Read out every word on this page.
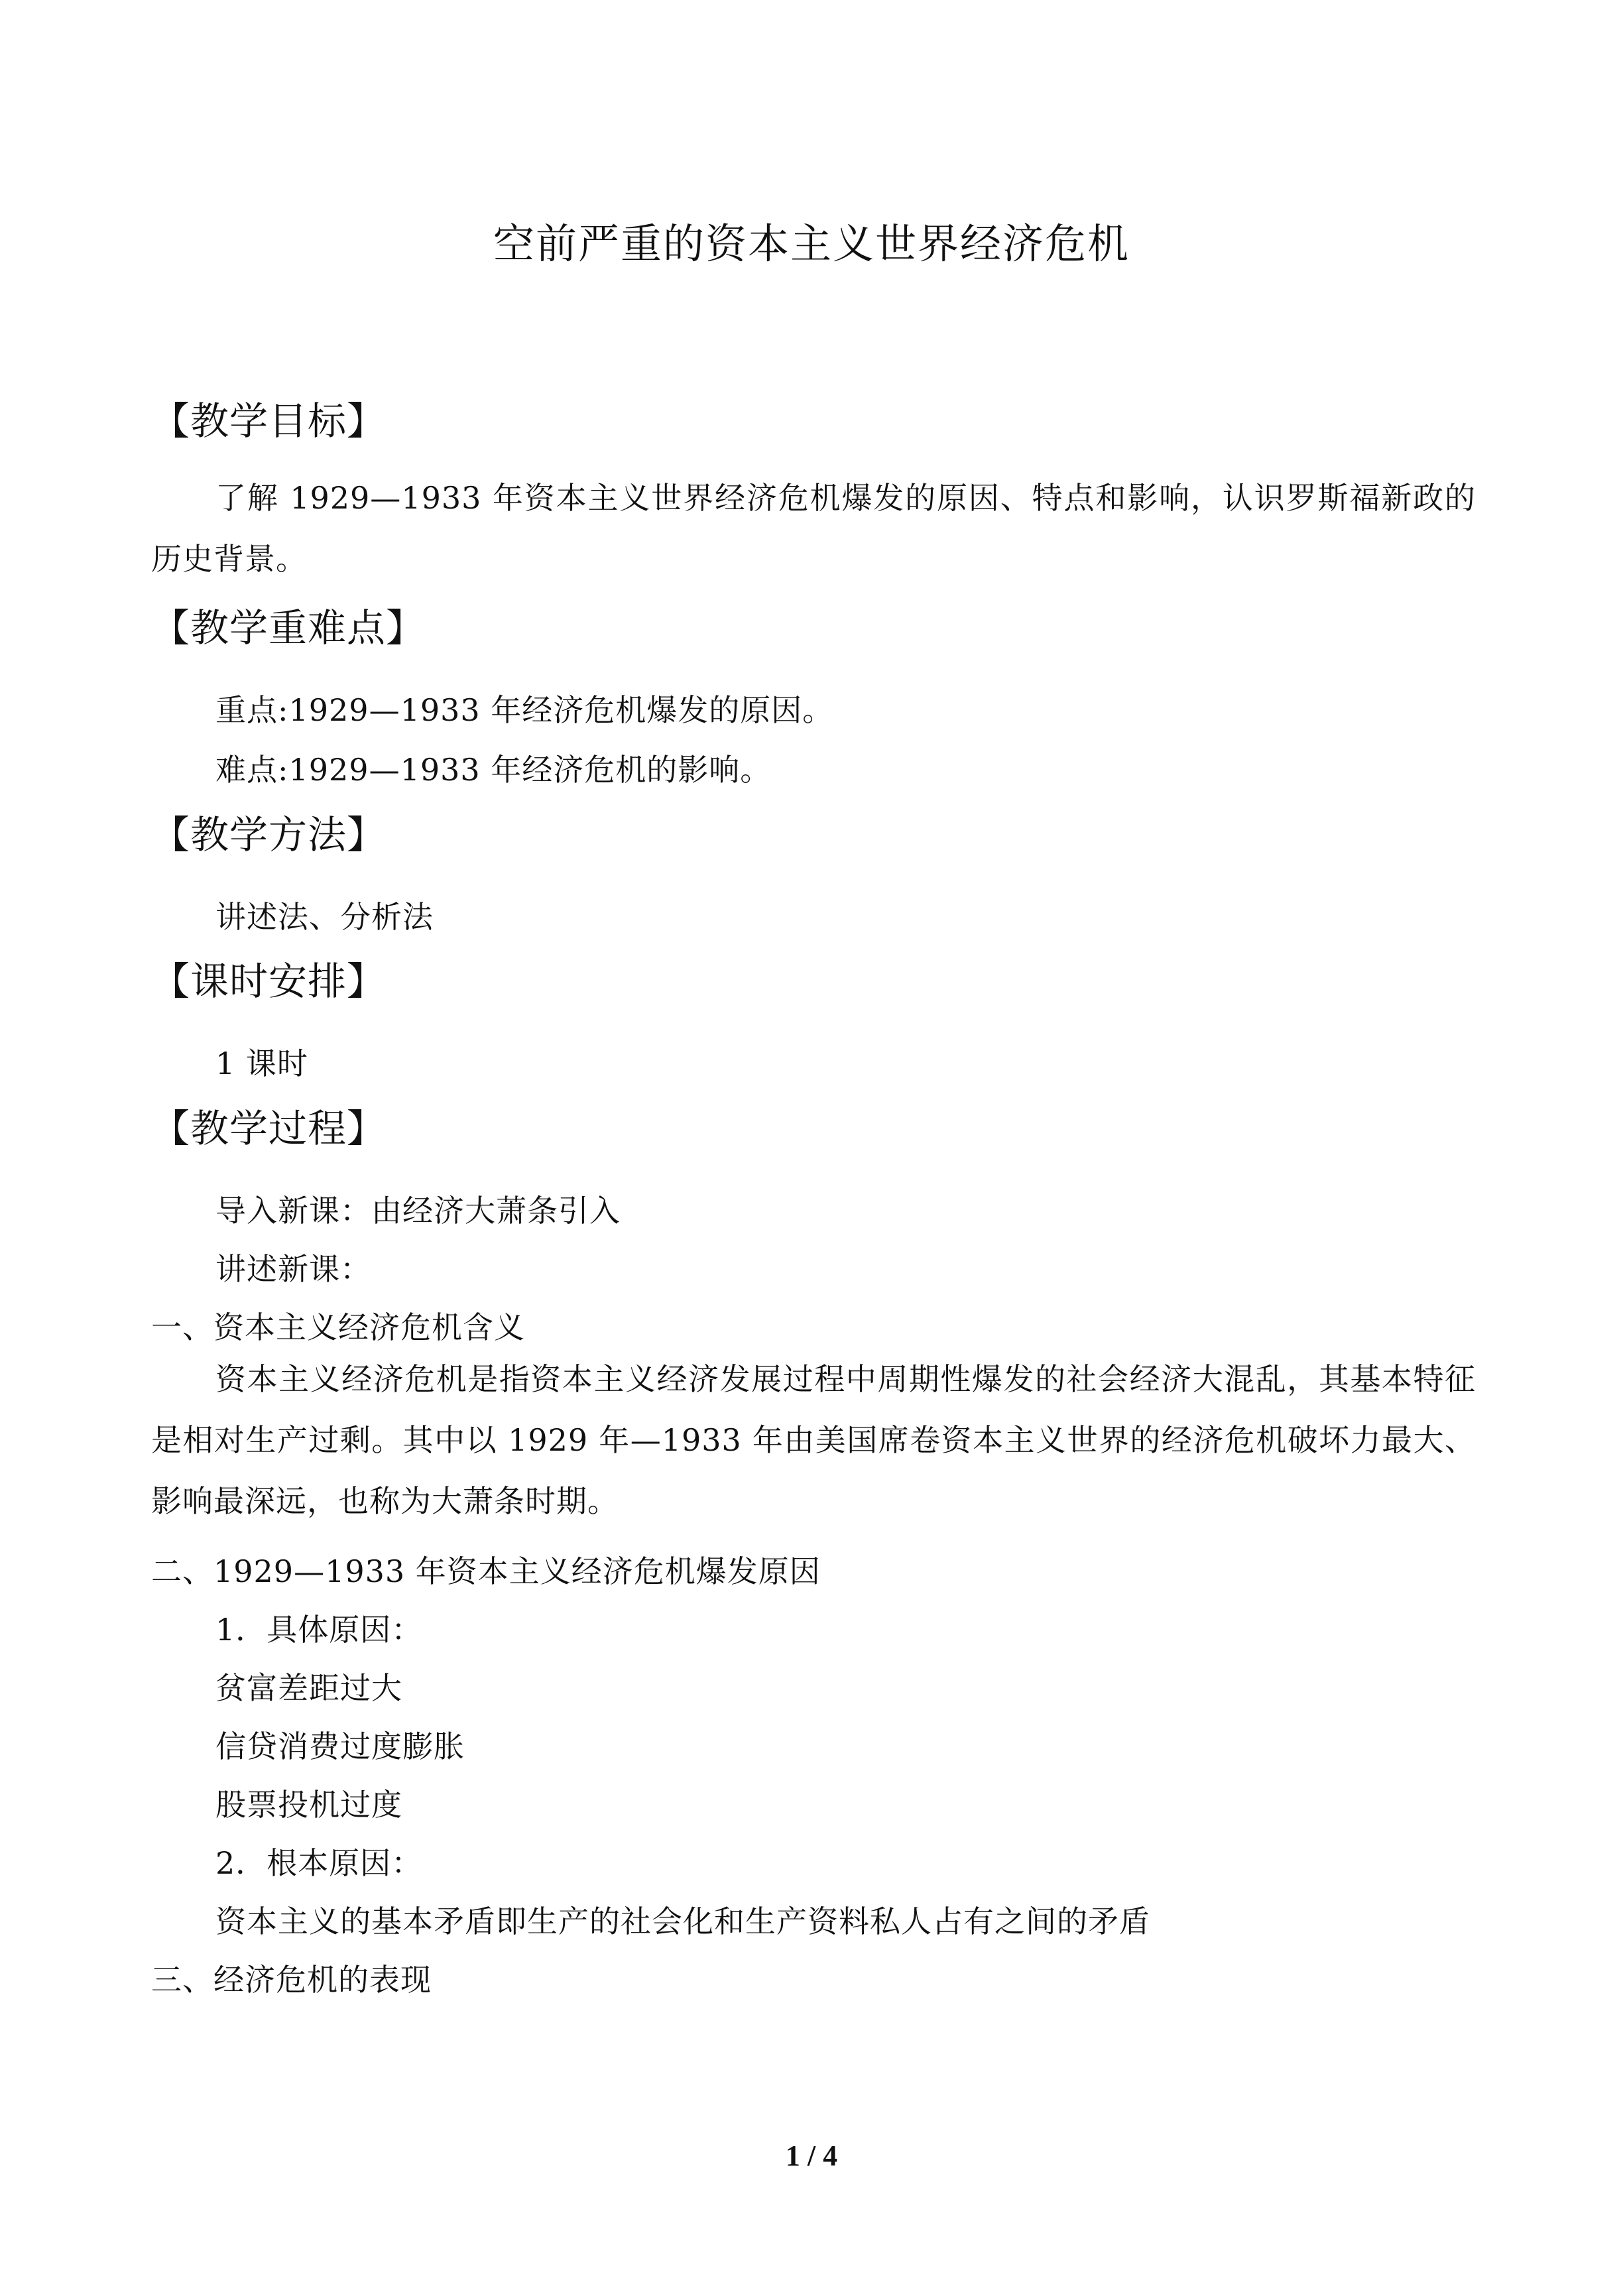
空前严重的资本主义世界经济危机
【教学目标】
了解 1929—1933 年资本主义世界经济危机爆发的原因、特点和影响，认识罗斯福新政的历史背景。
【教学重难点】
重点:1929—1933 年经济危机爆发的原因。
难点:1929—1933 年经济危机的影响。
【教学方法】
讲述法、分析法
【课时安排】
1 课时
【教学过程】
导入新课：由经济大萧条引入
讲述新课：
一、资本主义经济危机含义
资本主义经济危机是指资本主义经济发展过程中周期性爆发的社会经济大混乱，其基本特征是相对生产过剩。其中以 1929 年—1933 年由美国席卷资本主义世界的经济危机破坏力最大、影响最深远，也称为大萧条时期。
二、1929—1933 年资本主义经济危机爆发原因
1．具体原因：
贫富差距过大
信贷消费过度膨胀
股票投机过度
2．根本原因：
资本主义的基本矛盾即生产的社会化和生产资料私人占有之间的矛盾
三、经济危机的表现
1 / 4
